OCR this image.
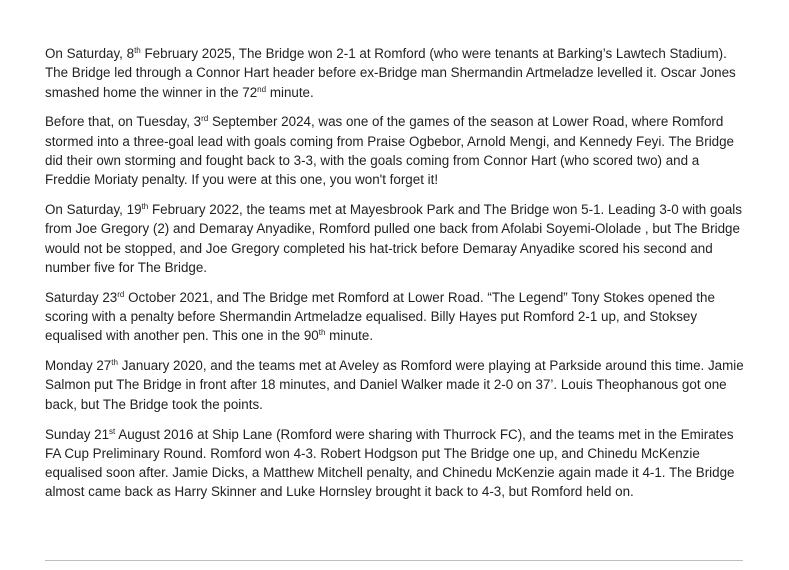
On Saturday, 8th February 2025, The Bridge won 2-1 at Romford (who were tenants at Barking’s Lawtech Stadium). The Bridge led through a Connor Hart header before ex-Bridge man Shermandin Artmeladze levelled it. Oscar Jones smashed home the winner in the 72nd minute.

Before that, on Tuesday, 3rd September 2024, was one of the games of the season at Lower Road, where Romford stormed into a three-goal lead with goals coming from Praise Ogbebor, Arnold Mengi, and Kennedy Feyi. The Bridge did their own storming and fought back to 3-3, with the goals coming from Connor Hart (who scored two) and a Freddie Moriaty penalty. If you were at this one, you won't forget it!

On Saturday, 19th February 2022, the teams met at Mayesbrook Park and The Bridge won 5-1. Leading 3-0 with goals from Joe Gregory (2) and Demaray Anyadike, Romford pulled one back from Afolabi Soyemi-Ololade , but The Bridge would not be stopped, and Joe Gregory completed his hat-trick before Demaray Anyadike scored his second and number five for The Bridge.

Saturday 23rd October 2021, and The Bridge met Romford at Lower Road. “The Legend” Tony Stokes opened the scoring with a penalty before Shermandin Artmeladze equalised. Billy Hayes put Romford 2-1 up, and Stoksey equalised with another pen. This one in the 90th minute.

Monday 27th January 2020, and the teams met at Aveley as Romford were playing at Parkside around this time. Jamie Salmon put The Bridge in front after 18 minutes, and Daniel Walker made it 2-0 on 37’. Louis Theophanous got one back, but The Bridge took the points.

Sunday 21st August 2016 at Ship Lane (Romford were sharing with Thurrock FC), and the teams met in the Emirates FA Cup Preliminary Round. Romford won 4-3. Robert Hodgson put The Bridge one up, and Chinedu McKenzie equalised soon after. Jamie Dicks, a Matthew Mitchell penalty, and Chinedu McKenzie again made it 4-1. The Bridge almost came back as Harry Skinner and Luke Hornsley brought it back to 4-3, but Romford held on.
